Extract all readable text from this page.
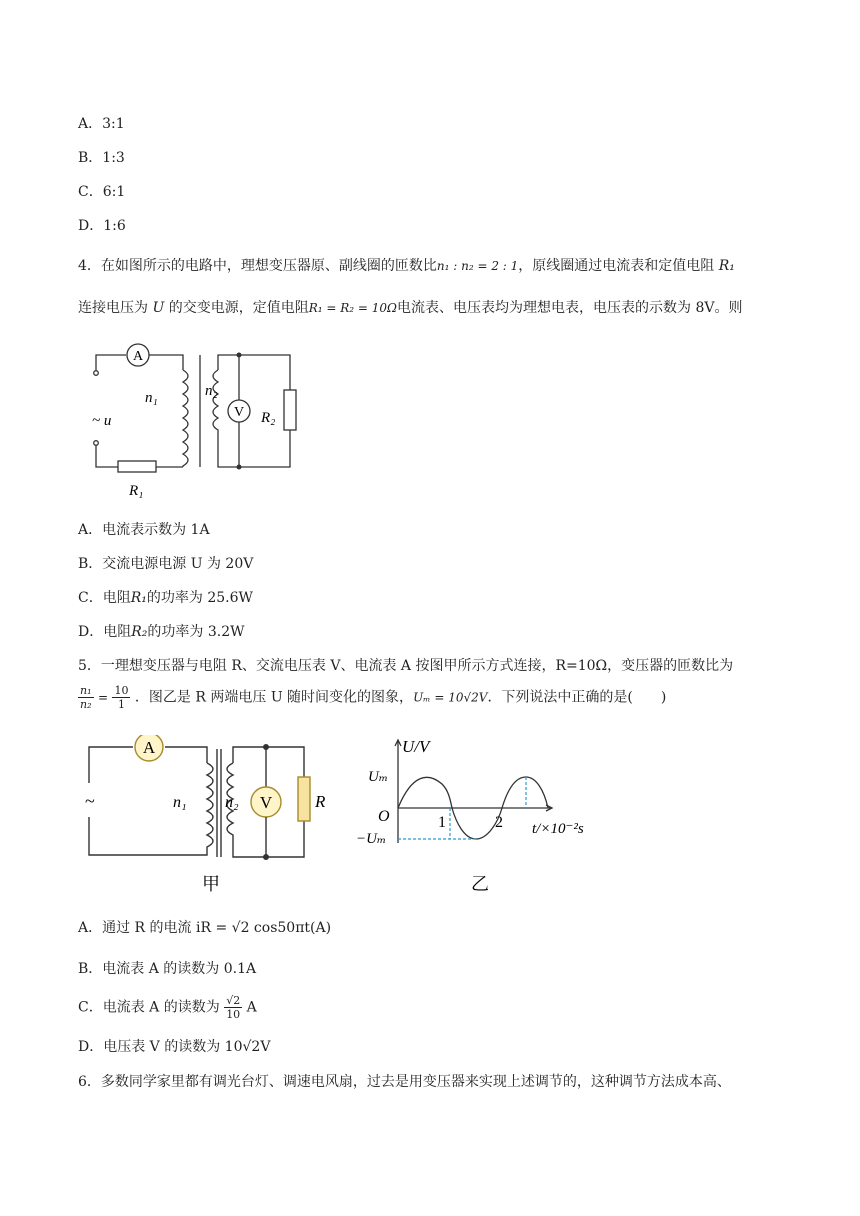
A．3:1
B．1:3
C．6:1
D．1:6
4．在如图所示的电路中，理想变压器原、副线圈的匝数比n₁ : n₂ = 2 : 1，原线圈通过电流表和定值电阻 R₁
连接电压为 U 的交变电源，定值电阻R₁ = R₂ = 10Ω电流表、电压表均为理想电表，电压表的示数为 8V。则
A
V
~ u
n₁	n₂
R₁
R₂
A．电流表示数为 1A
B．交流电源电源 U 为 20V
C．电阻R₁的功率为 25.6W
D．电阻R₂的功率为 3.2W
5．一理想变压器与电阻 R、交流电压表 V、电流表 A 按图甲所示方式连接，R=10Ω，变压器的匝数比为
$\frac{\text{n₁}}{\text{n₂}} = \frac{10}{1}$ ．图乙是 R 两端电压 U 随时间变化的图象，Uₘ = 10√2V．下列说法中正确的是(　　)
A
V
~	n₁ n₂	R
甲
U/V
Uₘ
O
−Uₘ
1	2 t/×10⁻²s
乙
A．通过 R 的电流 iR = √2 cos50πt(A)
B．电流表 A 的读数为 0.1A
C．电流表 A 的读数为 $\frac{√2}{10}$ A
D．电压表 V 的读数为 10√2V
6．多数同学家里都有调光台灯、调速电风扇，过去是用变压器来实现上述调节的，这种调节方法成本高、
